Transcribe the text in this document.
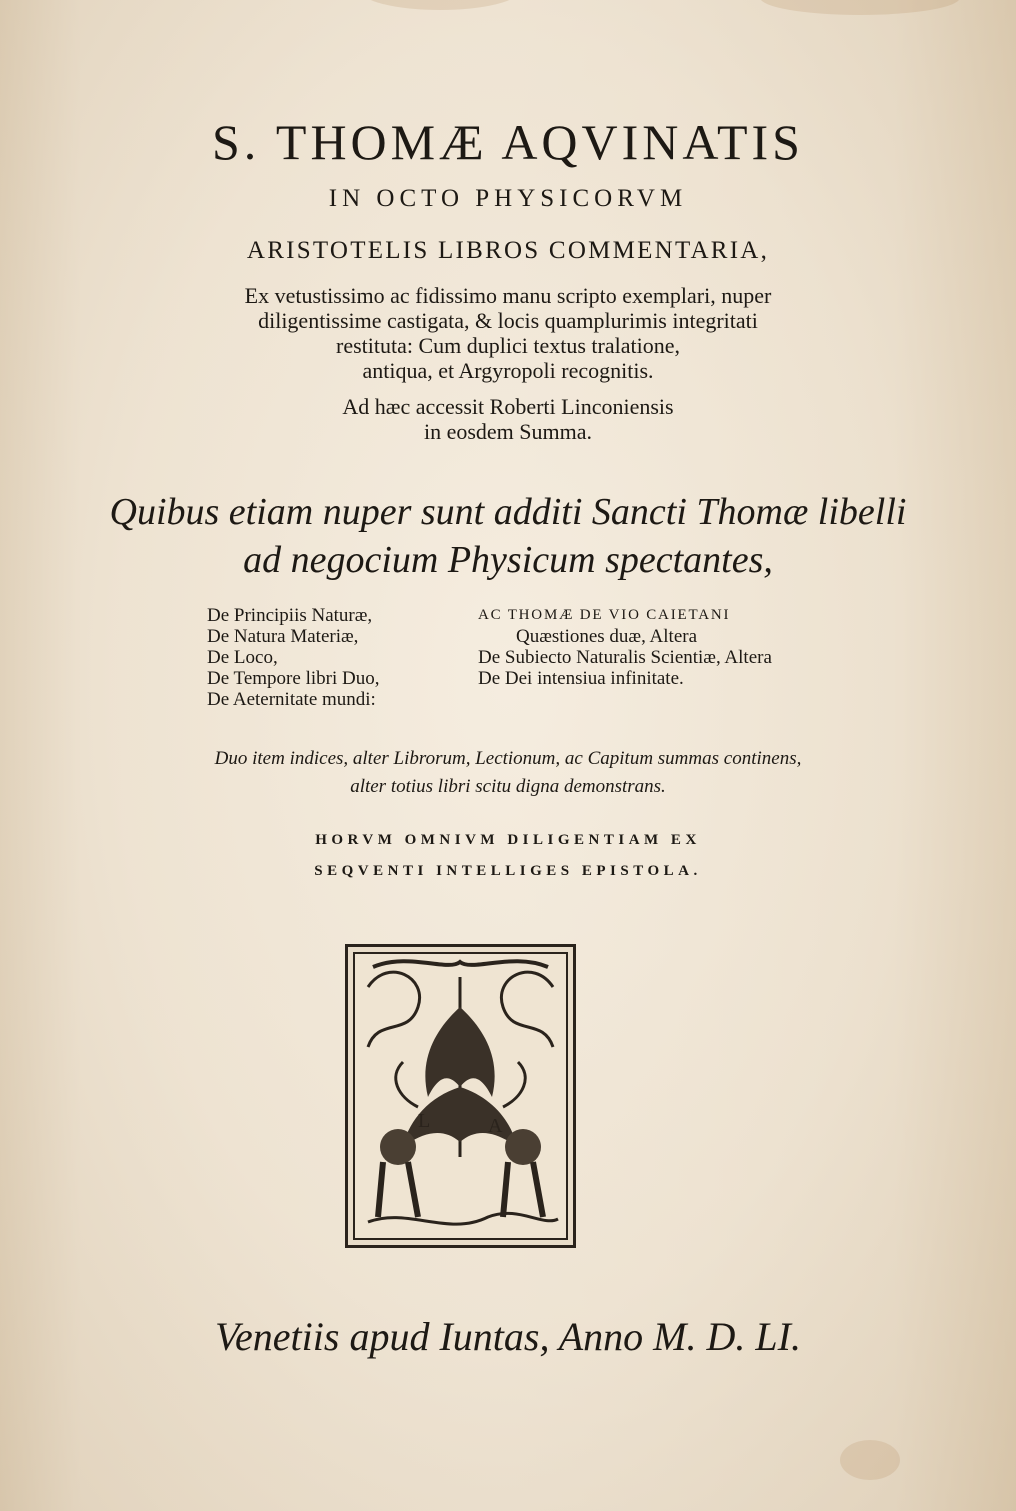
S. THOMÆ AQVINATIS
IN OCTO PHYSICORVM
ARISTOTELIS LIBROS COMMENTARIA,
Ex vetustissimo ac fidissimo manu scripto exemplari, nuper
diligentissime castigata, & locis quamplurimis integritati
restituta: Cum duplici textus tralatione,
antiqua, et Argyropoli recognitis.
Ad hæc accessit Roberti Linconiensis
in eosdem Summa.
Quibus etiam nuper sunt additi Sancti Thomæ libelli
ad negocium Physicum spectantes,
De Principiis Naturæ,
De Natura Materiæ,
De Loco,
De Tempore libri Duo,
De Aeternitate mundi:
AC THOMÆ DE VIO CAIETANI
Quæstiones duæ, Altera
De Subiecto Naturalis Scientiæ, Altera
De Dei intensiua infinitate.
Duo item indices, alter Librorum, Lectionum, ac Capitum summas continens,
alter totius libri scitu digna demonstrans.
HORVM OMNIVM DILIGENTIAM EX
SEQVENTI INTELLIGES EPISTOLA.
L	A
Venetiis apud Iuntas, Anno M. D. LI.
